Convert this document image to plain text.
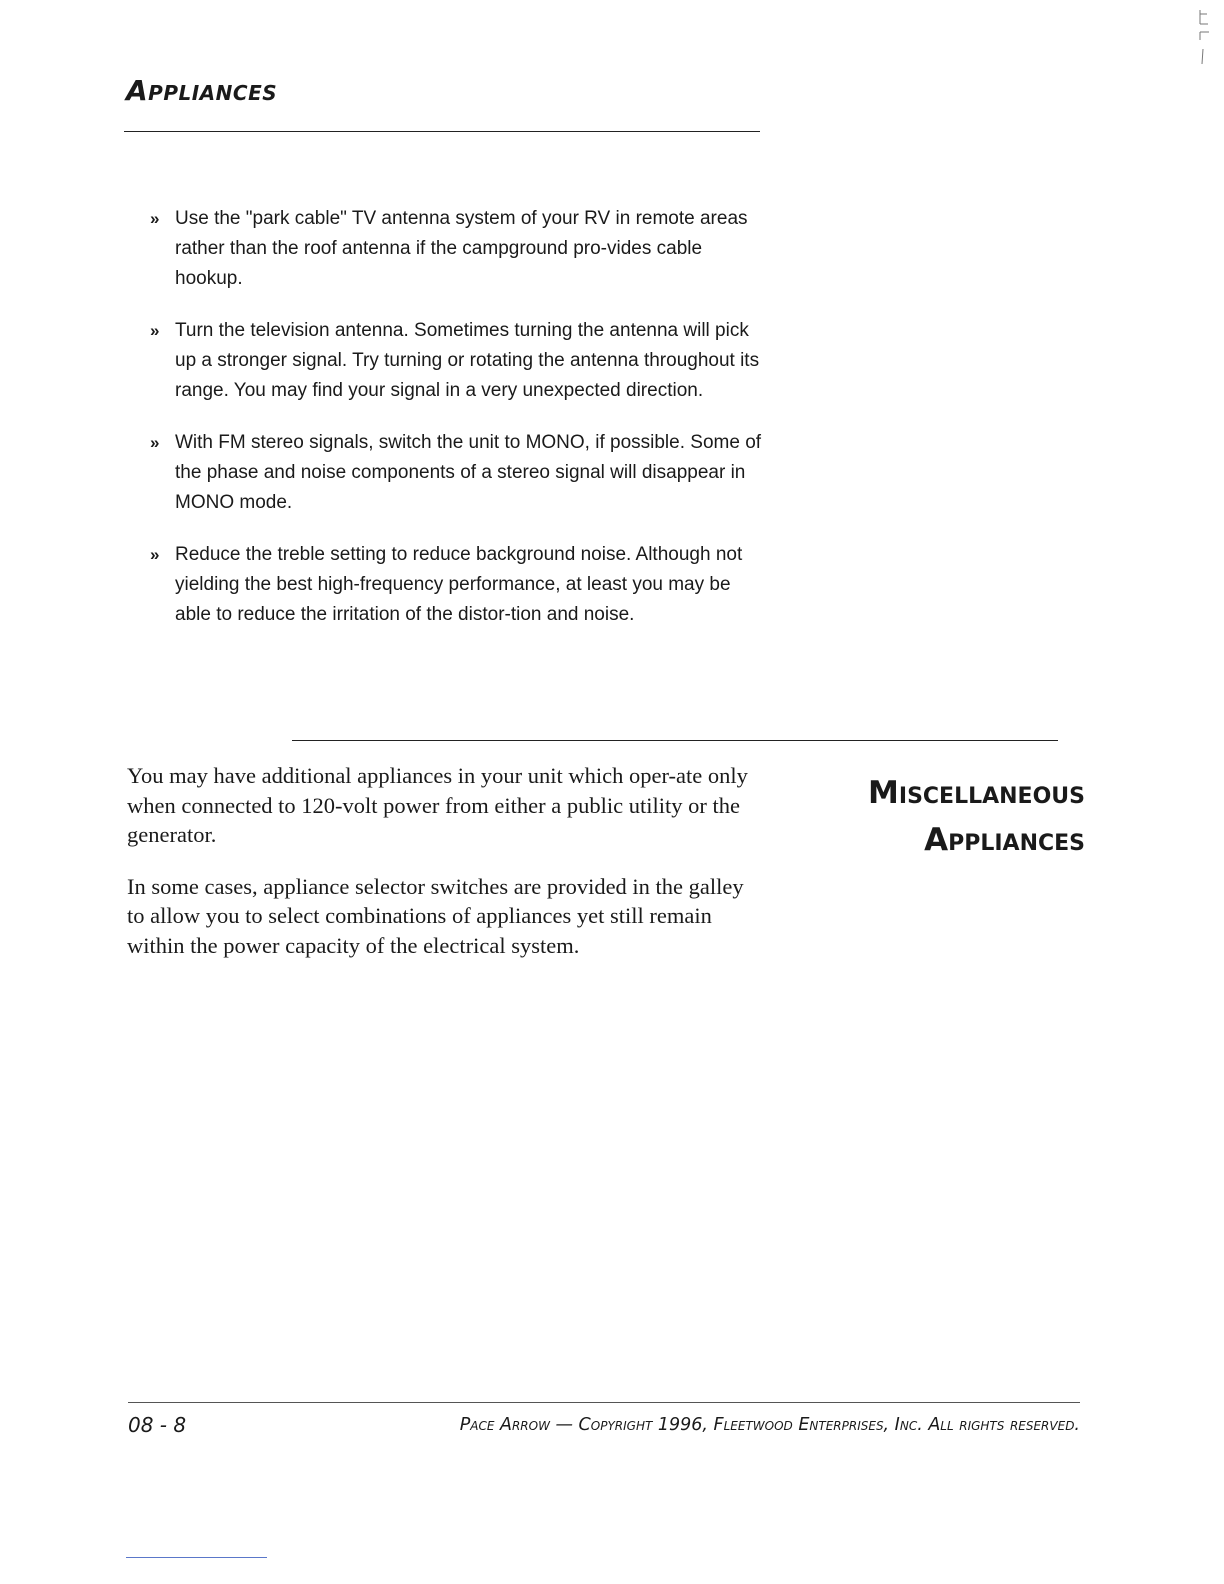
Appliances
» Use the "park cable" TV antenna system of your RV in remote areas rather than the roof antenna if the campground pro-vides cable hookup.
» Turn the television antenna. Sometimes turning the antenna will pick up a stronger signal. Try turning or rotating the antenna throughout its range. You may find your signal in a very unexpected direction.
» With FM stereo signals, switch the unit to MONO, if possible. Some of the phase and noise components of a stereo signal will disappear in MONO mode.
» Reduce the treble setting to reduce background noise. Although not yielding the best high-frequency performance, at least you may be able to reduce the irritation of the distor-tion and noise.

You may have additional appliances in your unit which oper-ate only when connected to 120-volt power from either a public utility or the generator.

In some cases, appliance selector switches are provided in the galley to allow you to select combinations of appliances yet still remain within the power capacity of the electrical system.

Miscellaneous
Appliances
08 - 8	Pace Arrow — Copyright 1996, Fleetwood Enterprises, Inc. All rights reserved.
